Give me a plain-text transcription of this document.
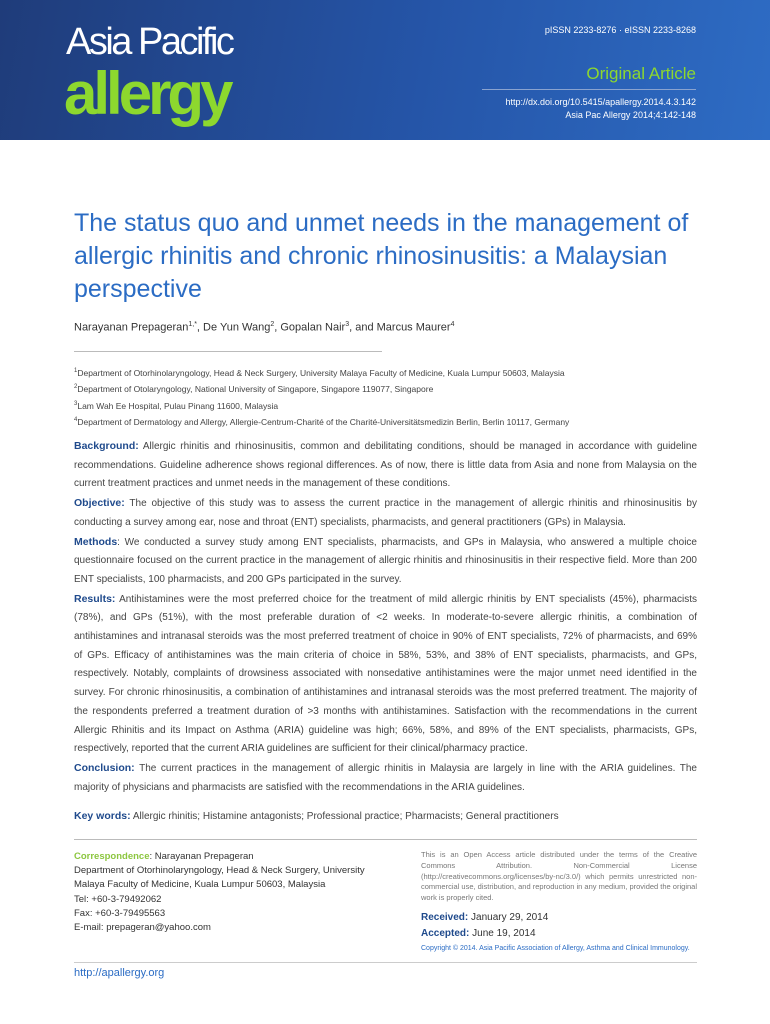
Asia Pacific
allergy
pISSN 2233-8276 · eISSN 2233-8268
Original Article
http://dx.doi.org/10.5415/apallergy.2014.4.3.142
Asia Pac Allergy 2014;4:142-148
The status quo and unmet needs in the management of allergic rhinitis and chronic rhinosinusitis: a Malaysian perspective
Narayanan Prepageran$^{1,*}$, De Yun Wang$^2$, Gopalan Nair$^3$, and Marcus Maurer$^4$
$^1$Department of Otorhinolaryngology, Head & Neck Surgery, University Malaya Faculty of Medicine, Kuala Lumpur 50603, Malaysia
$^2$Department of Otolaryngology, National University of Singapore, Singapore 119077, Singapore
$^3$Lam Wah Ee Hospital, Pulau Pinang 11600, Malaysia
$^4$Department of Dermatology and Allergy, Allergie-Centrum-Charité of the Charité-Universitätsmedizin Berlin, Berlin 10117, Germany

Background: Allergic rhinitis and rhinosinusitis, common and debilitating conditions, should be managed in accordance with guideline recommendations. Guideline adherence shows regional differences. As of now, there is little data from Asia and none from Malaysia on the current treatment practices and unmet needs in the management of these conditions.

Objective: The objective of this study was to assess the current practice in the management of allergic rhinitis and rhinosinusitis by conducting a survey among ear, nose and throat (ENT) specialists, pharmacists, and general practitioners (GPs) in Malaysia.

Methods: We conducted a survey study among ENT specialists, pharmacists, and GPs in Malaysia, who answered a multiple choice questionnaire focused on the current practice in the management of allergic rhinitis and rhinosinusitis in their respective field. More than 200 ENT specialists, 100 pharmacists, and 200 GPs participated in the survey.

Results: Antihistamines were the most preferred choice for the treatment of mild allergic rhinitis by ENT specialists (45%), pharmacists (78%), and GPs (51%), with the most preferable duration of <2 weeks. In moderate-to-severe allergic rhinitis, a combination of antihistamines and intranasal steroids was the most preferred treatment of choice in 90% of ENT specialists, 72% of pharmacists, and 69% of GPs. Efficacy of antihistamines was the main criteria of choice in 58%, 53%, and 38% of ENT specialists, pharmacists, and GPs, respectively. Notably, complaints of drowsiness associated with nonsedative antihistamines were the major unmet need identified in the survey. For chronic rhinosinusitis, a combination of antihistamines and intranasal steroids was the most preferred treatment. The majority of the respondents preferred a treatment duration of >3 months with antihistamines. Satisfaction with the recommendations in the current Allergic Rhinitis and its Impact on Asthma (ARIA) guideline was high; 66%, 58%, and 89% of the ENT specialists, pharmacists, GPs, respectively, reported that the current ARIA guidelines are sufficient for their clinical/pharmacy practice.

Conclusion: The current practices in the management of allergic rhinitis in Malaysia are largely in line with the ARIA guidelines. The majority of physicians and pharmacists are satisfied with the recommendations in the ARIA guidelines.

Key words: Allergic rhinitis; Histamine antagonists; Professional practice; Pharmacists; General practitioners
Correspondence: Narayanan Prepageran
Department of Otorhinolaryngology, Head & Neck Surgery, University
Malaya Faculty of Medicine, Kuala Lumpur 50603, Malaysia
Tel: +60-3-79492062
Fax: +60-3-79495563
E-mail: prepageran@yahoo.com
This is an Open Access article distributed under the terms of the Creative Commons Attribution. Non-Commercial License (http://creativecommons.org/licenses/by-nc/3.0/) which permits unrestricted non-commercial use, distribution, and reproduction in any medium, provided the original work is properly cited.
Received: January 29, 2014
Accepted: June 19, 2014
Copyright © 2014. Asia Pacific Association of Allergy, Asthma and Clinical Immunology.
http://apallergy.org
